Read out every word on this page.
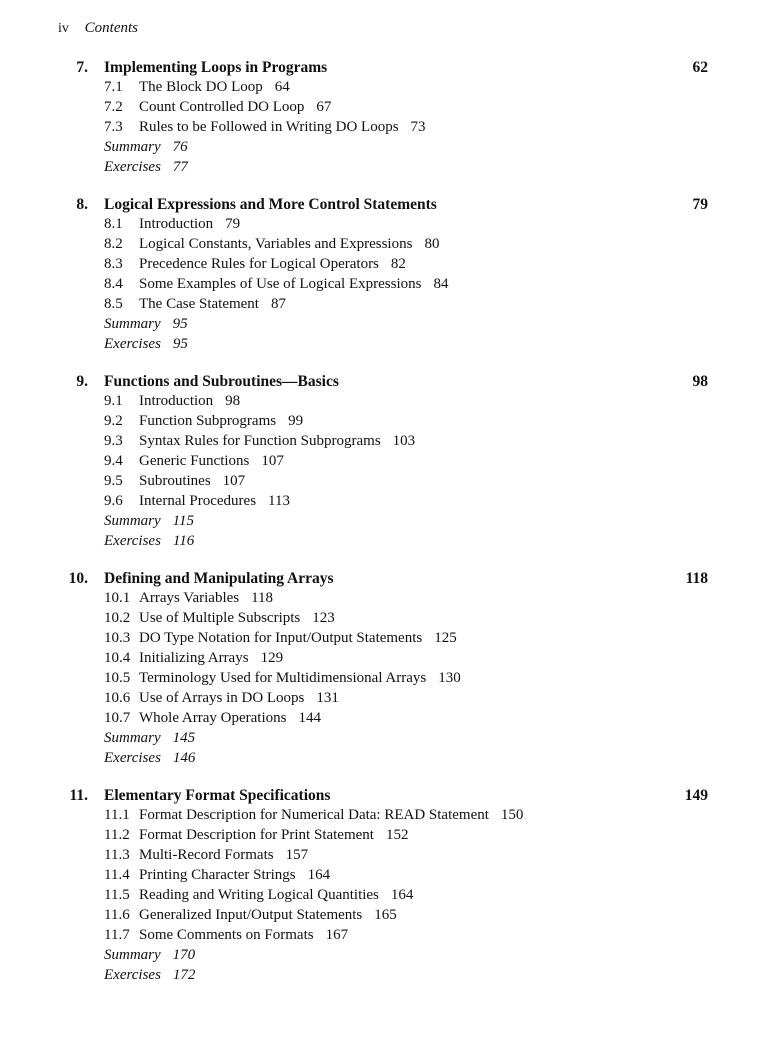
iv Contents
7. Implementing Loops in Programs	62
7.1 The Block DO Loop 64
7.2 Count Controlled DO Loop 67
7.3 Rules to be Followed in Writing DO Loops 73
Summary 76
Exercises 77
8. Logical Expressions and More Control Statements	79
8.1 Introduction 79
8.2 Logical Constants, Variables and Expressions 80
8.3 Precedence Rules for Logical Operators 82
8.4 Some Examples of Use of Logical Expressions 84
8.5 The Case Statement 87
Summary 95
Exercises 95
9. Functions and Subroutines—Basics	98
9.1 Introduction 98
9.2 Function Subprograms 99
9.3 Syntax Rules for Function Subprograms 103
9.4 Generic Functions 107
9.5 Subroutines 107
9.6 Internal Procedures 113
Summary 115
Exercises 116
10. Defining and Manipulating Arrays	118
10.1 Arrays Variables 118
10.2 Use of Multiple Subscripts 123
10.3 DO Type Notation for Input/Output Statements 125
10.4 Initializing Arrays 129
10.5 Terminology Used for Multidimensional Arrays 130
10.6 Use of Arrays in DO Loops 131
10.7 Whole Array Operations 144
Summary 145
Exercises 146
11. Elementary Format Specifications	149
11.1 Format Description for Numerical Data: READ Statement 150
11.2 Format Description for Print Statement 152
11.3 Multi-Record Formats 157
11.4 Printing Character Strings 164
11.5 Reading and Writing Logical Quantities 164
11.6 Generalized Input/Output Statements 165
11.7 Some Comments on Formats 167
Summary 170
Exercises 172
